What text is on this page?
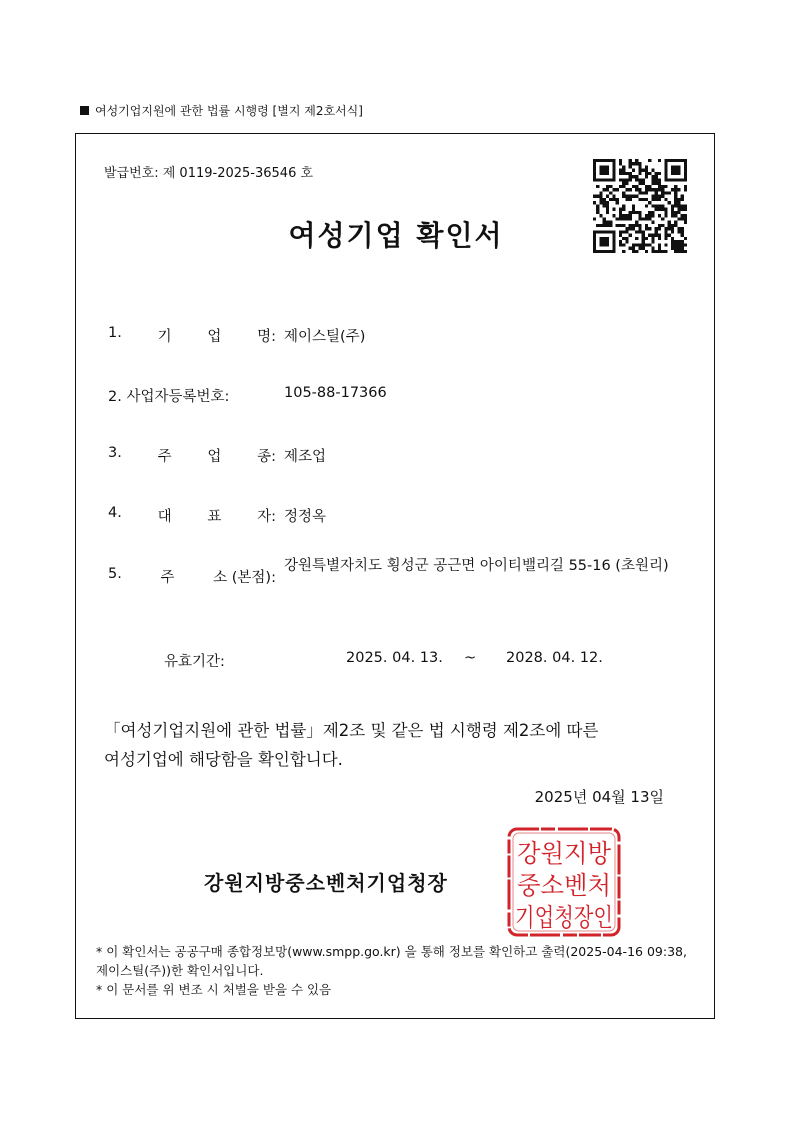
여성기업지원에 관한 법률 시행령 [별지 제2호서식]
발급번호: 제 0119-2025-36546 호
여성기업 확인서
1. 기 업 명: 제이스틸(주)
2. 사업자등록번호:	105-88-17366
3. 주 업 종: 제조업
4. 대 표 자: 정정옥
5.	주	소 (본점):
강원특별자치도 횡성군 공근면 아이티밸리길 55-16 (초원리)
유효기간:	2025. 04. 13. ~ 2028. 04. 12.
「여성기업지원에 관한 법률」제2조 및 같은 법 시행령 제2조에 따른
여성기업에 해당함을 확인합니다.
2025년 04월 13일
강원지방중소벤처기업청장
강원지방
중소벤처
기업청장인
* 이 확인서는 공공구매 종합정보망(www.smpp.go.kr) 을 통해 정보를 확인하고 출력(2025-04-16 09:38, 제이스틸(주))한 확인서입니다.
* 이 문서를 위 변조 시 처벌을 받을 수 있음
